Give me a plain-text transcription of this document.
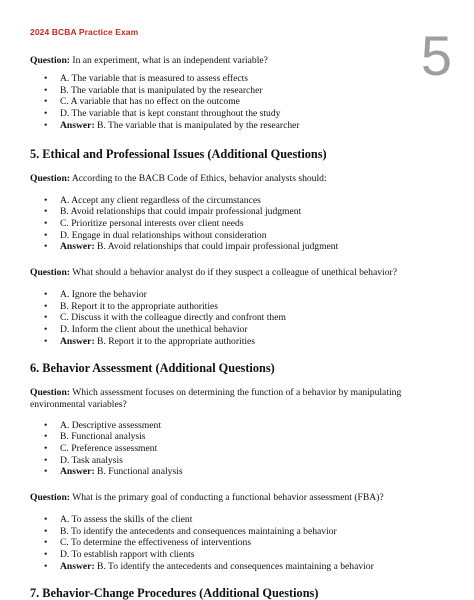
2024 BCBA Practice Exam	5

Question: In an experiment, what is an independent variable?

• A. The variable that is measured to assess effects
• B. The variable that is manipulated by the researcher
• C. A variable that has no effect on the outcome
• D. The variable that is kept constant throughout the study
• Answer: B. The variable that is manipulated by the researcher
5. Ethical and Professional Issues (Additional Questions)

Question: According to the BACB Code of Ethics, behavior analysts should:

• A. Accept any client regardless of the circumstances
• B. Avoid relationships that could impair professional judgment
• C. Prioritize personal interests over client needs
• D. Engage in dual relationships without consideration
• Answer: B. Avoid relationships that could impair professional judgment

Question: What should a behavior analyst do if they suspect a colleague of unethical behavior?

• A. Ignore the behavior
• B. Report it to the appropriate authorities
• C. Discuss it with the colleague directly and confront them
• D. Inform the client about the unethical behavior
• Answer: B. Report it to the appropriate authorities
6. Behavior Assessment (Additional Questions)

Question: Which assessment focuses on determining the function of a behavior by manipulating environmental variables?

• A. Descriptive assessment
• B. Functional analysis
• C. Preference assessment
• D. Task analysis
• Answer: B. Functional analysis

Question: What is the primary goal of conducting a functional behavior assessment (FBA)?

• A. To assess the skills of the client
• B. To identify the antecedents and consequences maintaining a behavior
• C. To determine the effectiveness of interventions
• D. To establish rapport with clients
• Answer: B. To identify the antecedents and consequences maintaining a behavior
7. Behavior-Change Procedures (Additional Questions)
